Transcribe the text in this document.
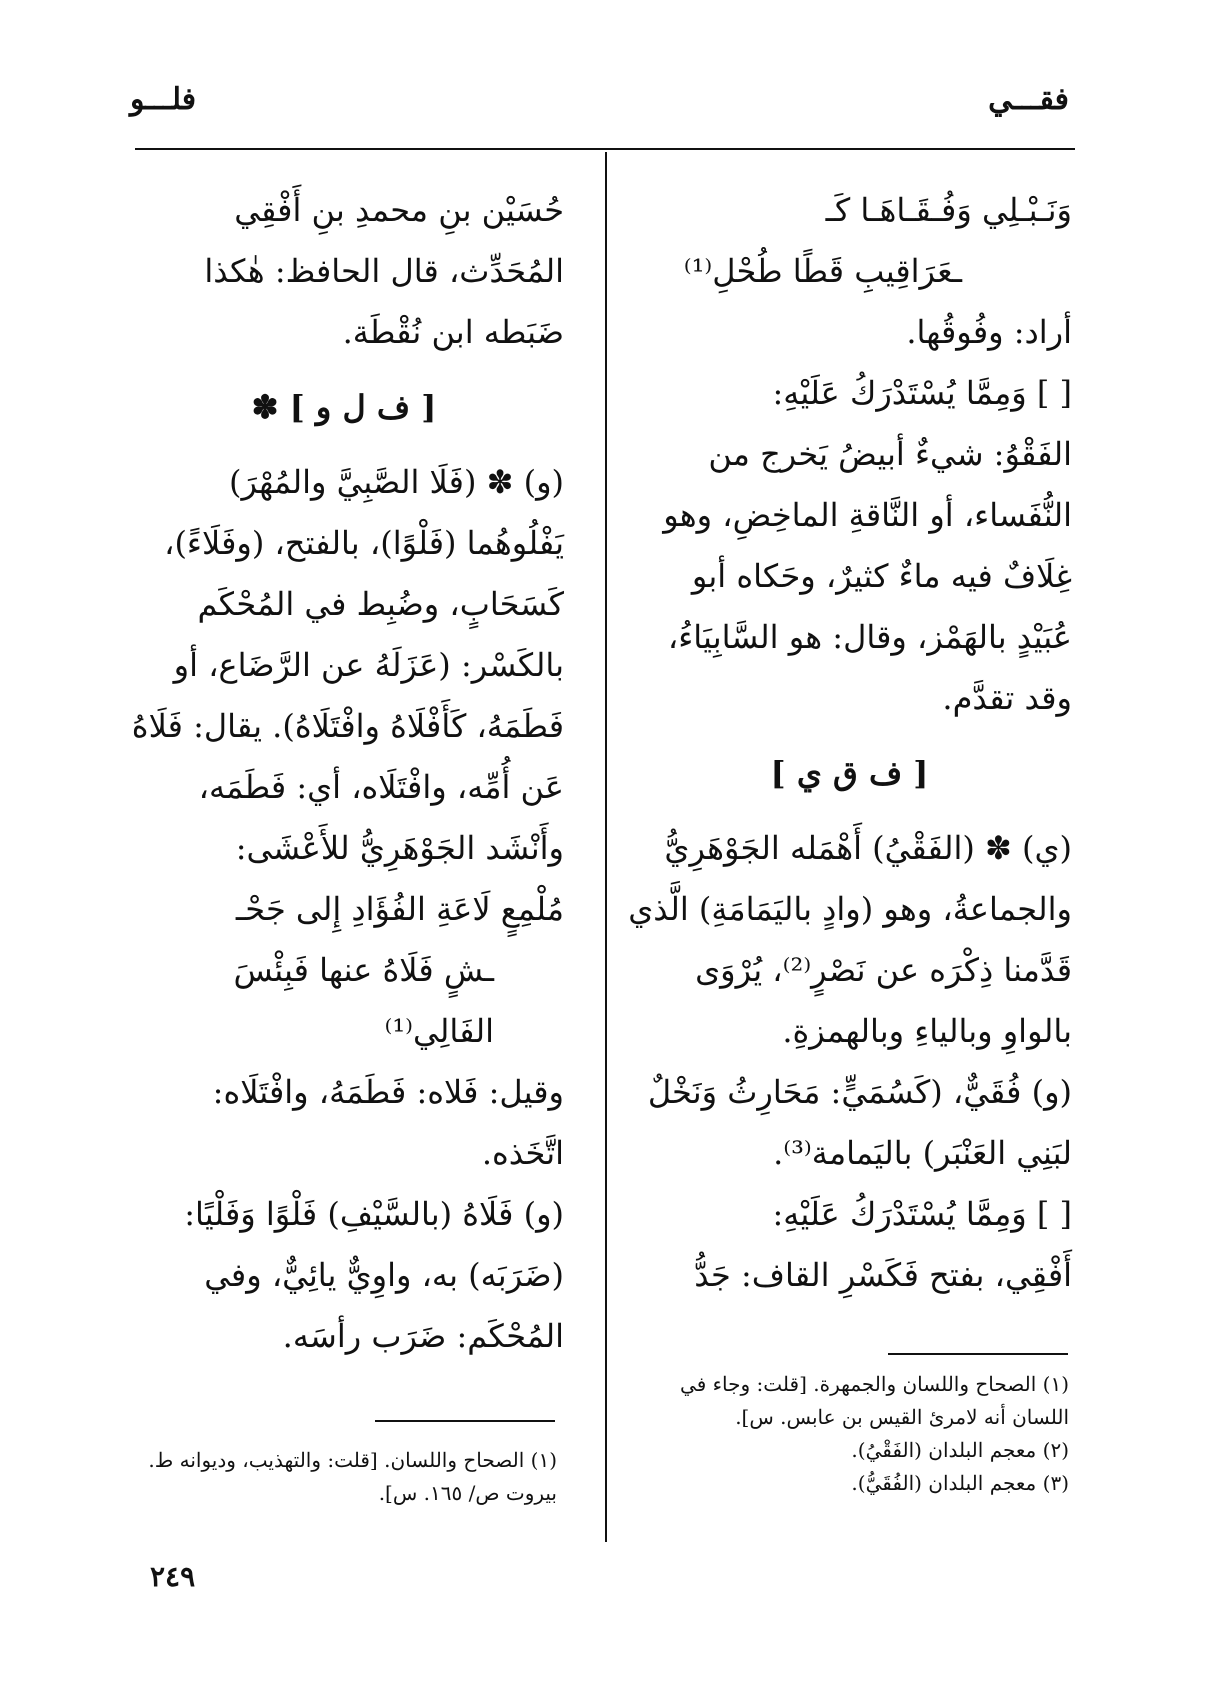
فقـــي
فلـــو

وَنَـبْـلِي وَفُـقَـاهَـا كَـ

ـعَرَاقِيبِ قَطًا طُحْلِ⁽¹⁾

أراد: وفُوقُها.

[ ] وَمِمَّا يُسْتَدْرَكُ عَلَيْهِ:

الفَقْوُ: شيءٌ أبيضُ يَخرج من النُّفَساء، أو النَّاقةِ الماخِضِ، وهو غِلَافٌ فيه ماءٌ كثيرٌ، وحَكاه أبو عُبَيْدٍ بالهَمْز، وقال: هو السَّابِيَاءُ، وقد تقدَّم.

[ ف ق ي ]

(ي) ✽ (الفَقْيُ) أَهْمَله الجَوْهَرِيُّ والجماعةُ، وهو (وادٍ باليَمَامَةِ) الَّذي قَدَّمنا ذِكْرَه عن نَصْرٍ⁽²⁾، يُرْوَى بالواوِ وبالياءِ وبالهمزةِ.

(و) فُقَيٌّ، (كَسُمَيٍّ: مَحَارِثُ وَنَخْلٌ لبَنِي العَنْبَر) باليَمامة⁽³⁾.

[ ] وَمِمَّا يُسْتَدْرَكُ عَلَيْهِ:

أَفْقِي، بفتح فَكَسْرِ القاف: جَدُّ

حُسَيْن بنِ محمدِ بنِ أَفْقِي المُحَدِّث، قال الحافظ: هٰكذا ضَبَطه ابن نُقْطَة.

[ ف ل و ] ✽

(و) ✽ (فَلَا الصَّبِيَّ والمُهْرَ) يَفْلُوهُما (فَلْوًا)، بالفتح، (وفَلَاءً)، كَسَحَابٍ، وضُبِط في المُحْكَم بالكَسْر: (عَزَلَهُ عن الرَّضَاع، أو فَطَمَهُ، كَأَفْلَاهُ وافْتَلَاهُ). يقال: فَلَاهُ عَن أُمِّه، وافْتَلَاه، أي: فَطَمَه، وأَنْشَد الجَوْهَرِيُّ للأَعْشَى:

مُلْمِعٍ لَاعَةِ الفُؤَادِ إِلى جَحْـ

ـشٍ فَلَاهُ عنها فَبِئْسَ الفَالِي⁽¹⁾

وقيل: فَلاه: فَطَمَهُ، وافْتَلَاه: اتَّخَذه.

(و) فَلَاهُ (بالسَّيْفِ) فَلْوًا وَفَلْيًا: (ضَرَبَه) به، واوِيٌّ يائِيٌّ، وفي المُحْكَم: ضَرَب رأسَه.

(١) الصحاح واللسان والجمهرة. [قلت: وجاء في اللسان أنه لامرئ القيس بن عابس. س].

(٢) معجم البلدان (الفَقْيُ).

(٣) معجم البلدان (الفُقَيُّ).

(١) الصحاح واللسان. [قلت: والتهذيب، وديوانه ط. بيروت ص/ ١٦٥. س].

٢٤٩
